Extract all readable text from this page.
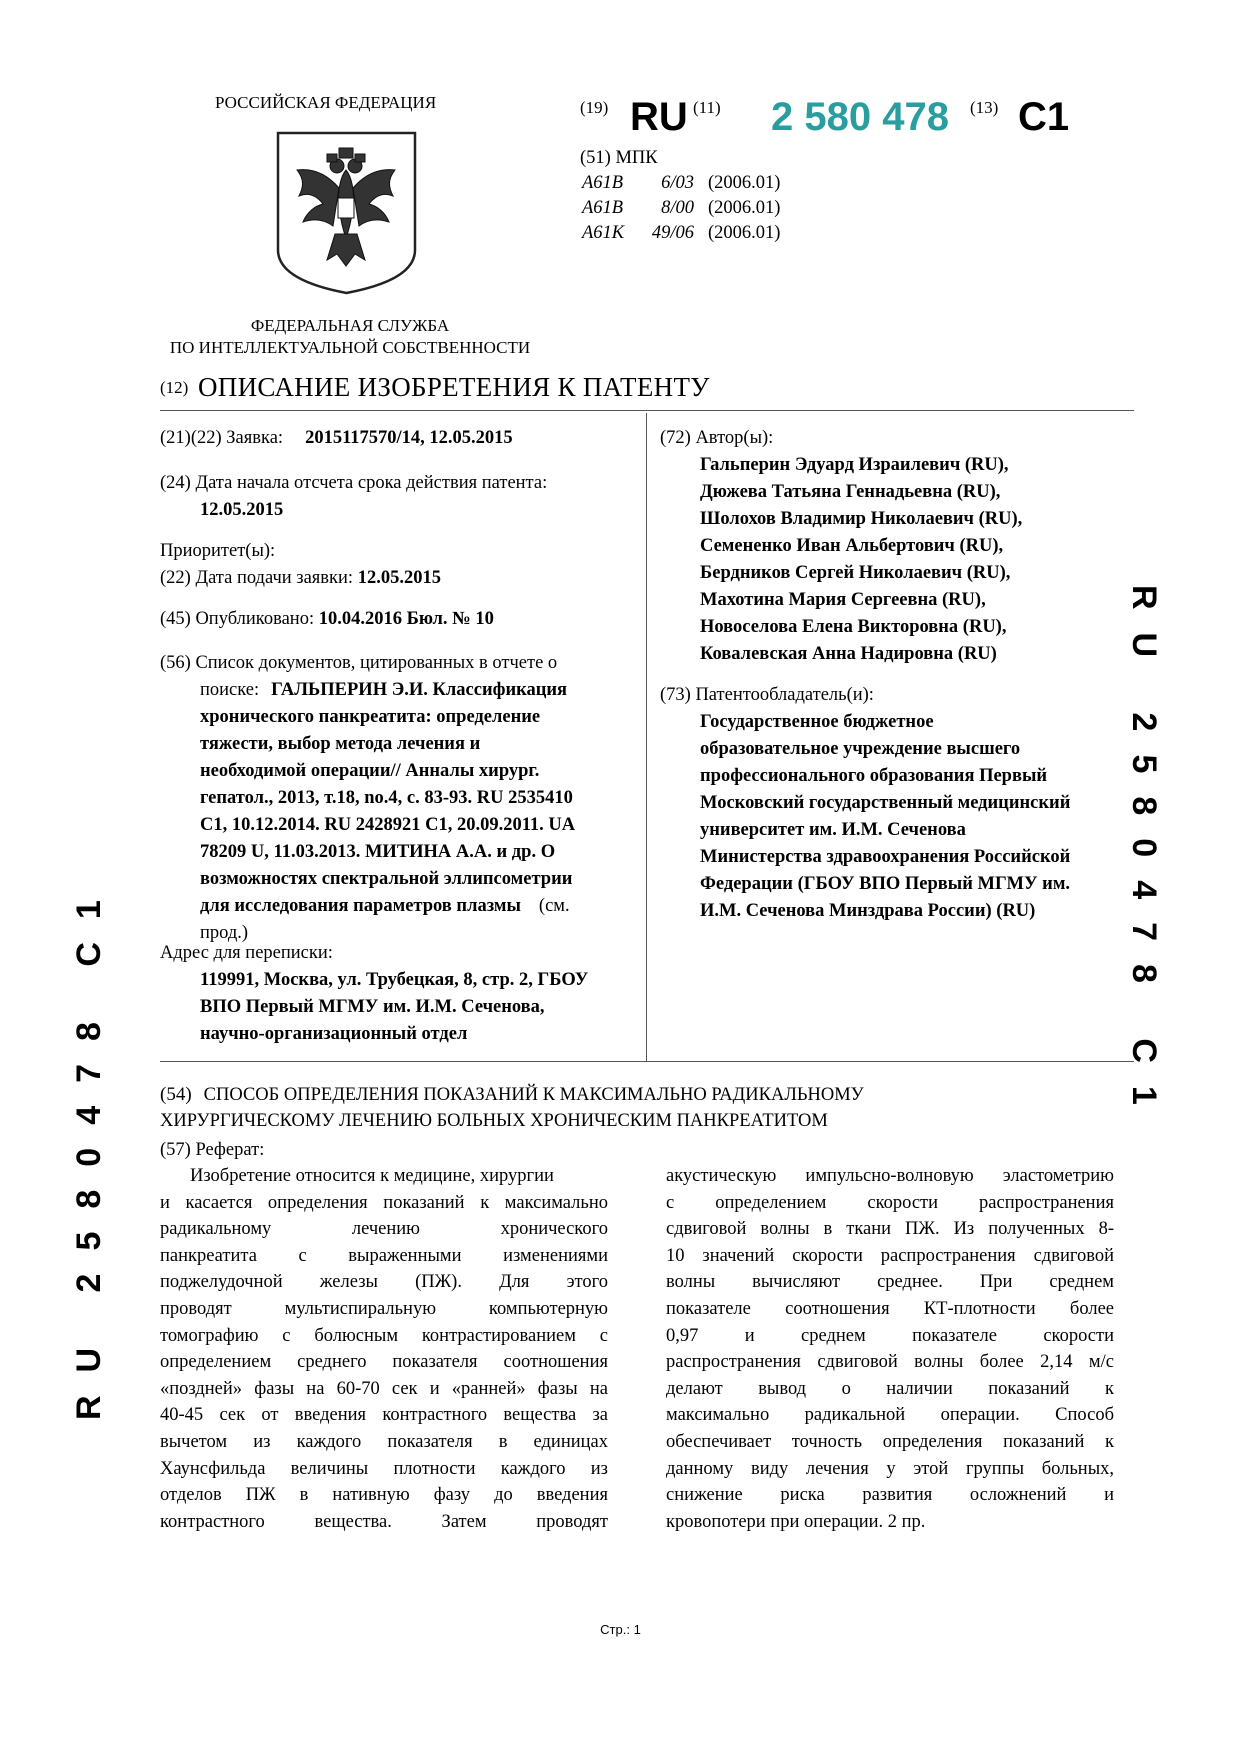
РОССИЙСКАЯ ФЕДЕРАЦИЯ
ФЕДЕРАЛЬНАЯ СЛУЖБА
ПО ИНТЕЛЛЕКТУАЛЬНОЙ СОБСТВЕННОСТИ
(19) RU (11) 2 580 478 (13) C1
(51) МПК
A61B 6/03 (2006.01)
A61B 8/00 (2006.01)
A61K 49/06 (2006.01)
(12) ОПИСАНИЕ ИЗОБРЕТЕНИЯ К ПАТЕНТУ
(21)(22) Заявка: 2015117570/14, 12.05.2015
(24) Дата начала отсчета срока действия патента:
12.05.2015
Приоритет(ы):
(22) Дата подачи заявки: 12.05.2015
(45) Опубликовано: 10.04.2016 Бюл. № 10
(56) Список документов, цитированных в отчете о
поиске: ГАЛЬПЕРИН Э.И. Классификация
хронического панкреатита: определение
тяжести, выбор метода лечения и
необходимой операции// Анналы хирург.
гепатол., 2013, т.18, no.4, с. 83-93. RU 2535410
С1, 10.12.2014. RU 2428921 С1, 20.09.2011. UA
78209 U, 11.03.2013. МИТИНА А.А. и др. О
возможностях спектральной эллипсометрии
для исследования параметров плазмы (см.
прод.)
Адрес для переписки:
119991, Москва, ул. Трубецкая, 8, стр. 2, ГБОУ
ВПО Первый МГМУ им. И.М. Сеченова,
научно-организационный отдел
(72) Автор(ы):
Гальперин Эдуард Израилевич (RU),
Дюжева Татьяна Геннадьевна (RU),
Шолохов Владимир Николаевич (RU),
Семененко Иван Альбертович (RU),
Бердников Сергей Николаевич (RU),
Махотина Мария Сергеевна (RU),
Новоселова Елена Викторовна (RU),
Ковалевская Анна Надировна (RU)
(73) Патентообладатель(и):
Государственное бюджетное
образовательное учреждение высшего
профессионального образования Первый
Московский государственный медицинский
университет им. И.М. Сеченова
Министерства здравоохранения Российской
Федерации (ГБОУ ВПО Первый МГМУ им.
И.М. Сеченова Минздрава России) (RU)
(54) СПОСОБ ОПРЕДЕЛЕНИЯ ПОКАЗАНИЙ К МАКСИМАЛЬНО РАДИКАЛЬНОМУ
ХИРУРГИЧЕСКОМУ ЛЕЧЕНИЮ БОЛЬНЫХ ХРОНИЧЕСКИМ ПАНКРЕАТИТОМ
(57) Реферат:
Изобретение относится к медицине, хирургии
и касается определения показаний к максимально
радикальному лечению хронического
панкреатита с выраженными изменениями
поджелудочной железы (ПЖ). Для этого
проводят мультиспиральную компьютерную
томографию с болюсным контрастированием с
определением среднего показателя соотношения
«поздней» фазы на 60-70 сек и «ранней» фазы на
40-45 сек от введения контрастного вещества за
вычетом из каждого показателя в единицах
Хаунсфильда величины плотности каждого из
отделов ПЖ в нативную фазу до введения
контрастного вещества. Затем проводят
акустическую импульсно-волновую эластометрию
с определением скорости распространения
сдвиговой волны в ткани ПЖ. Из полученных 8-
10 значений скорости распространения сдвиговой
волны вычисляют среднее. При среднем
показателе соотношения КТ-плотности более
0,97 и среднем показателе скорости
распространения сдвиговой волны более 2,14 м/с
делают вывод о наличии показаний к
максимально радикальной операции. Способ
обеспечивает точность определения показаний к
данному виду лечения у этой группы больных,
снижение риска развития осложнений и
кровопотери при операции. 2 пр.
RU 2580478 C1
RU 2580478 C1
Стр.: 1
